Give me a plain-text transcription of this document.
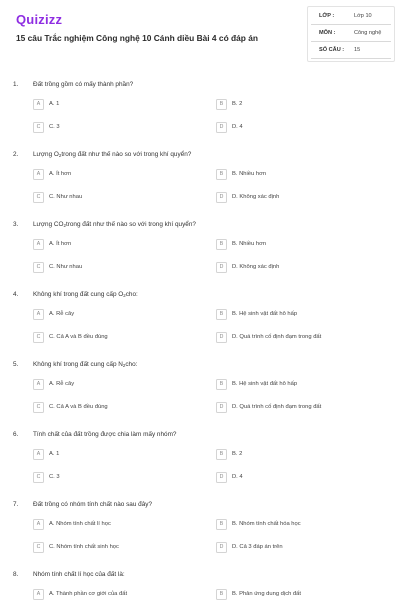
Quizizz
15 câu Trắc nghiệm Công nghệ 10 Cánh diều Bài 4 có đáp án
LỚP :	Lớp 10
MÔN :	Công nghệ
SỐ CÂU : 15
1. Đất trồng gồm có mấy thành phần?
A	A. 1	B	B. 2
C	C. 3	D	D. 4
2. Lượng $O_2trong$ đất như thế nào so với trong khí quyển?
A	A. Ít hơn	B	B. Nhiều hơn
C	C. Như nhau	D	D. Không xác định
3. Lượng $CO_2trong$ đất như thế nào so với trong khí quyển?
A	A. Ít hơn	B	B. Nhiều hơn
C	C. Như nhau	D	D. Không xác định
4. Không khí trong đất cung cấp $O_2cho$:
A	A. Rễ cây	B	B. Hệ sinh vật đất hô hấp
C	C. Cả A và B đều đúng	D	D. Quá trình cố định đạm trong đất
5. Không khí trong đất cung cấp $N_2cho$:
A	A. Rễ cây	B	B. Hệ sinh vật đất hô hấp
C	C. Cả A và B đều đúng	D	D. Quá trình cố định đạm trong đất
6. Tính chất của đất trồng được chia làm mấy nhóm?
A	A. 1	B	B. 2
C	C. 3	D	D. 4
7. Đất trồng có nhóm tính chất nào sau đây?
A	A. Nhóm tính chất lí học	B	B. Nhóm tính chất hóa học
C	C. Nhóm tính chất sinh học	D	D. Cả 3 đáp án trên
8. Nhóm tính chất lí học của đất là:
A	A. Thành phần cơ giới của đất	B	B. Phản ứng dung dịch đất
